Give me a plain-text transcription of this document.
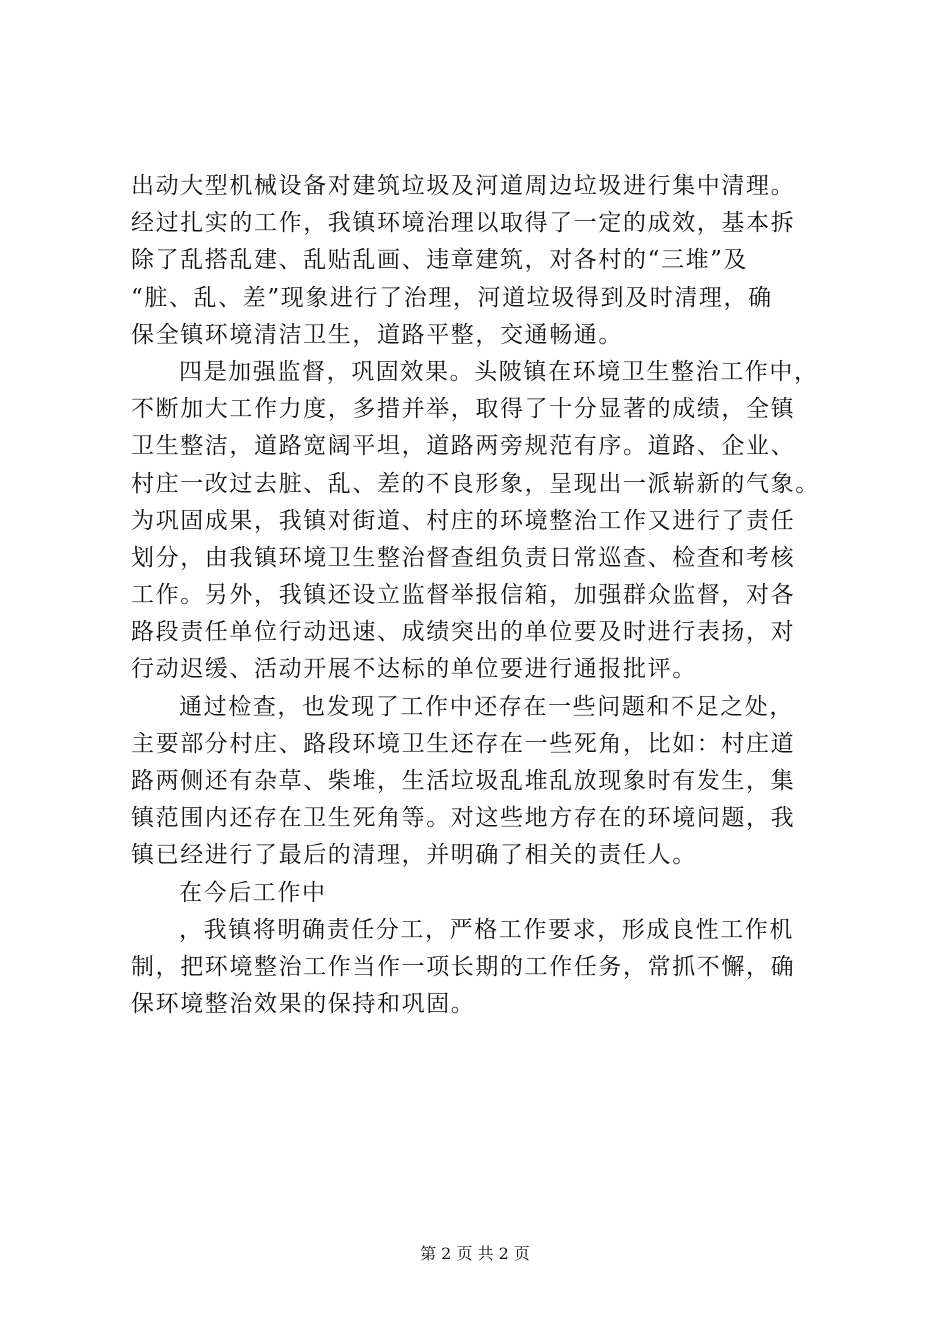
出动大型机械设备对建筑垃圾及河道周边垃圾进行集中清理。
经过扎实的工作，我镇环境治理以取得了一定的成效，基本拆
除了乱搭乱建、乱贴乱画、违章建筑，对各村的“三堆”及
“脏、乱、差”现象进行了治理，河道垃圾得到及时清理，确
保全镇环境清洁卫生，道路平整，交通畅通。
四是加强监督，巩固效果。头陂镇在环境卫生整治工作中，
不断加大工作力度，多措并举，取得了十分显著的成绩，全镇
卫生整洁，道路宽阔平坦，道路两旁规范有序。道路、企业、
村庄一改过去脏、乱、差的不良形象，呈现出一派崭新的气象。
为巩固成果，我镇对街道、村庄的环境整治工作又进行了责任
划分，由我镇环境卫生整治督查组负责日常巡查、检查和考核
工作。另外，我镇还设立监督举报信箱，加强群众监督，对各
路段责任单位行动迅速、成绩突出的单位要及时进行表扬，对
行动迟缓、活动开展不达标的单位要进行通报批评。
通过检查，也发现了工作中还存在一些问题和不足之处，
主要部分村庄、路段环境卫生还存在一些死角，比如：村庄道
路两侧还有杂草、柴堆，生活垃圾乱堆乱放现象时有发生，集
镇范围内还存在卫生死角等。对这些地方存在的环境问题，我
镇已经进行了最后的清理，并明确了相关的责任人。
在今后工作中
，我镇将明确责任分工，严格工作要求，形成良性工作机
制，把环境整治工作当作一项长期的工作任务，常抓不懈，确
保环境整治效果的保持和巩固。
第 2 页 共 2 页
